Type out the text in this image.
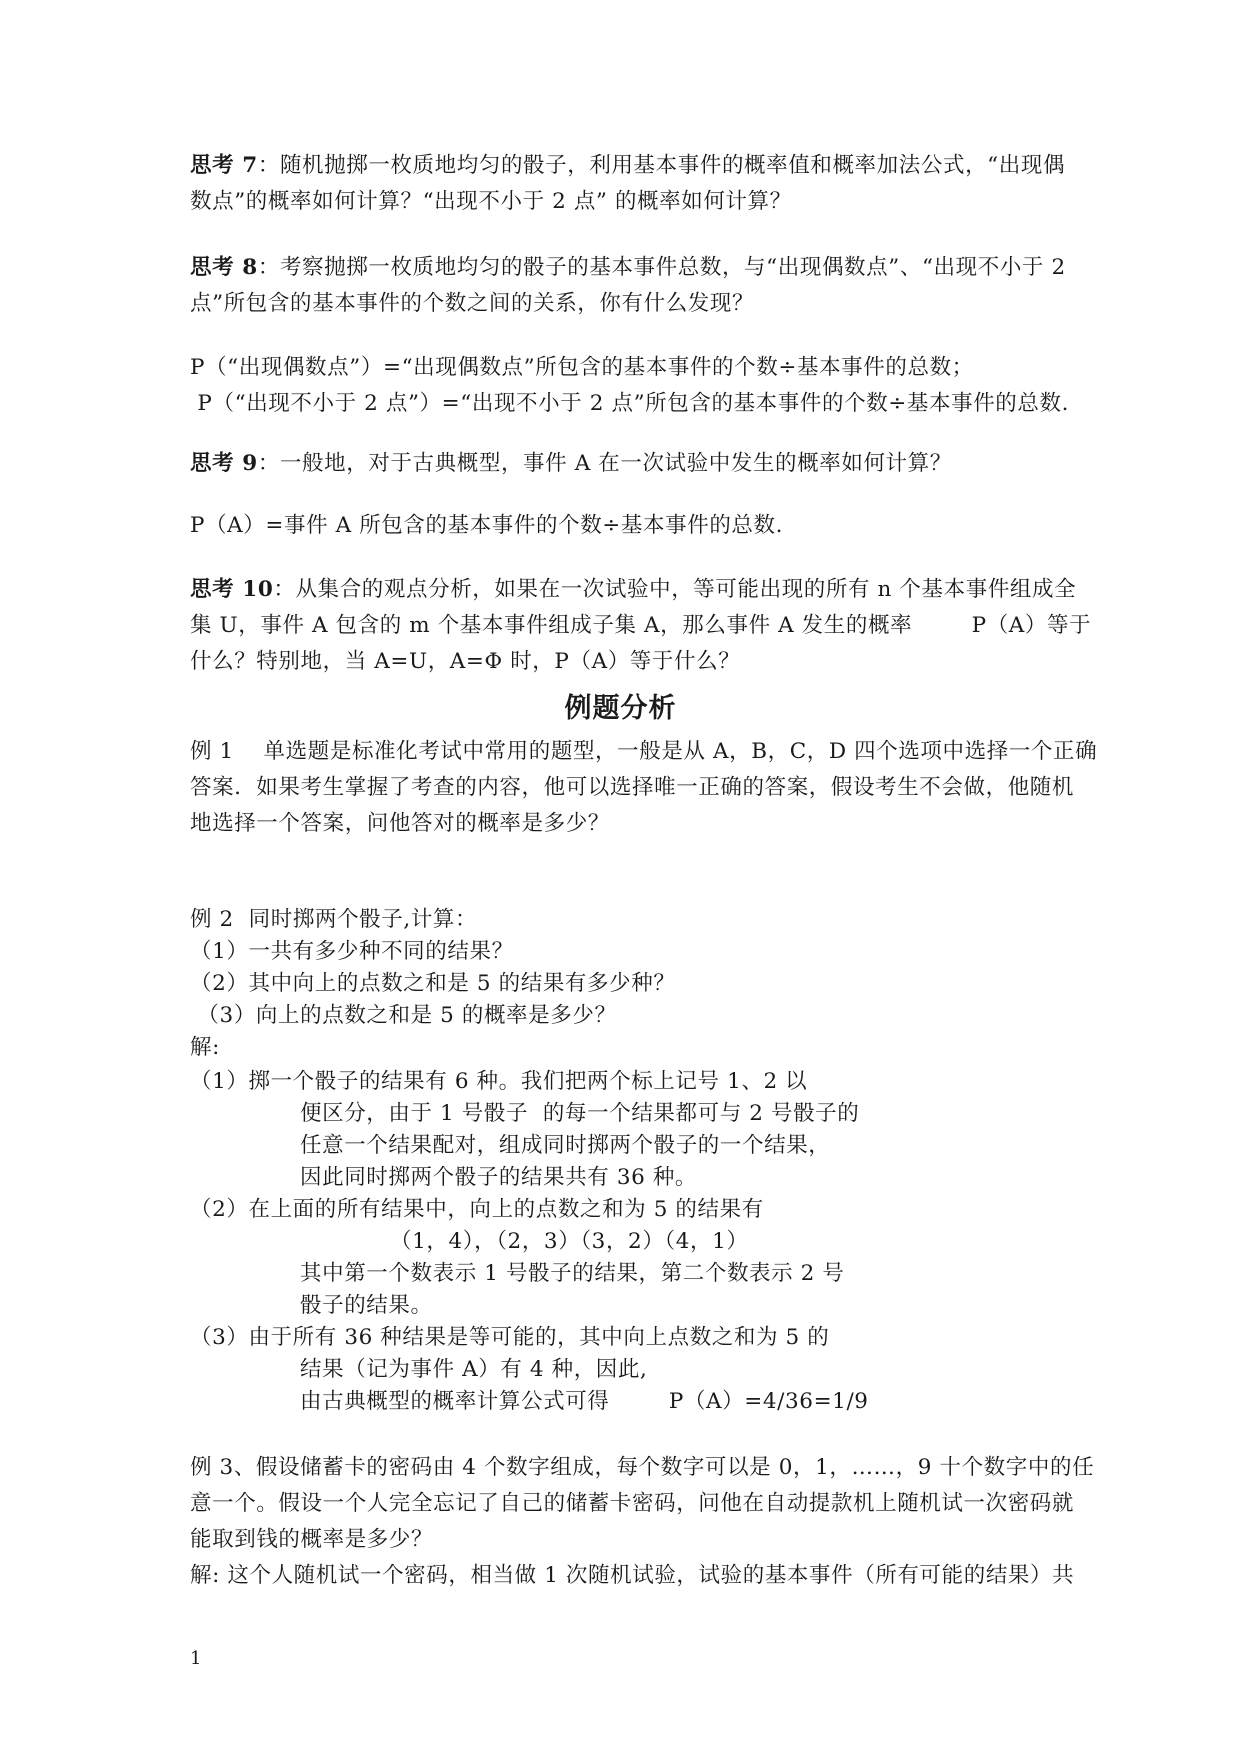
思考 7：随机抛掷一枚质地均匀的骰子，利用基本事件的概率值和概率加法公式，“出现偶
数点”的概率如何计算？“出现不小于 2 点” 的概率如何计算？
思考 8：考察抛掷一枚质地均匀的骰子的基本事件总数，与“出现偶数点”、“出现不小于 2
点”所包含的基本事件的个数之间的关系，你有什么发现？
P（“出现偶数点”）=“出现偶数点”所包含的基本事件的个数÷基本事件的总数；
P（“出现不小于 2 点”）=“出现不小于 2 点”所包含的基本事件的个数÷基本事件的总数.
思考 9：一般地，对于古典概型，事件 A 在一次试验中发生的概率如何计算？
P（A）=事件 A 所包含的基本事件的个数÷基本事件的总数.
思考 10：从集合的观点分析，如果在一次试验中，等可能出现的所有 n 个基本事件组成全
集 U，事件 A 包含的 m 个基本事件组成子集 A，那么事件 A 发生的概率        P（A）等于
什么？特别地，当 A=U，A=Φ 时，P（A）等于什么？
例题分析
例 1    单选题是标准化考试中常用的题型，一般是从 A，B，C，D 四个选项中选择一个正确
答案．如果考生掌握了考查的内容，他可以选择唯一正确的答案，假设考生不会做，他随机
地选择一个答案，问他答对的概率是多少？
例 2  同时掷两个骰子,计算：
（1）一共有多少种不同的结果？
（2）其中向上的点数之和是 5 的结果有多少种？
（3）向上的点数之和是 5 的概率是多少？
解:
（1）掷一个骰子的结果有 6 种。我们把两个标上记号 1、2 以
便区分，由于 1 号骰子  的每一个结果都可与 2 号骰子的
任意一个结果配对，组成同时掷两个骰子的一个结果，
因此同时掷两个骰子的结果共有 36 种。
（2）在上面的所有结果中，向上的点数之和为 5 的结果有
（1，4），（2，3）（3，2）（4，1）
其中第一个数表示 1 号骰子的结果，第二个数表示 2 号
骰子的结果。
（3）由于所有 36 种结果是等可能的，其中向上点数之和为 5 的
结果（记为事件 A）有 4 种，因此,
由古典概型的概率计算公式可得        P（A）=4/36=1/9
例 3、假设储蓄卡的密码由 4 个数字组成，每个数字可以是 0，1，……，9 十个数字中的任
意一个。假设一个人完全忘记了自己的储蓄卡密码，问他在自动提款机上随机试一次密码就
能取到钱的概率是多少？
解: 这个人随机试一个密码，相当做 1 次随机试验，试验的基本事件（所有可能的结果）共
1
